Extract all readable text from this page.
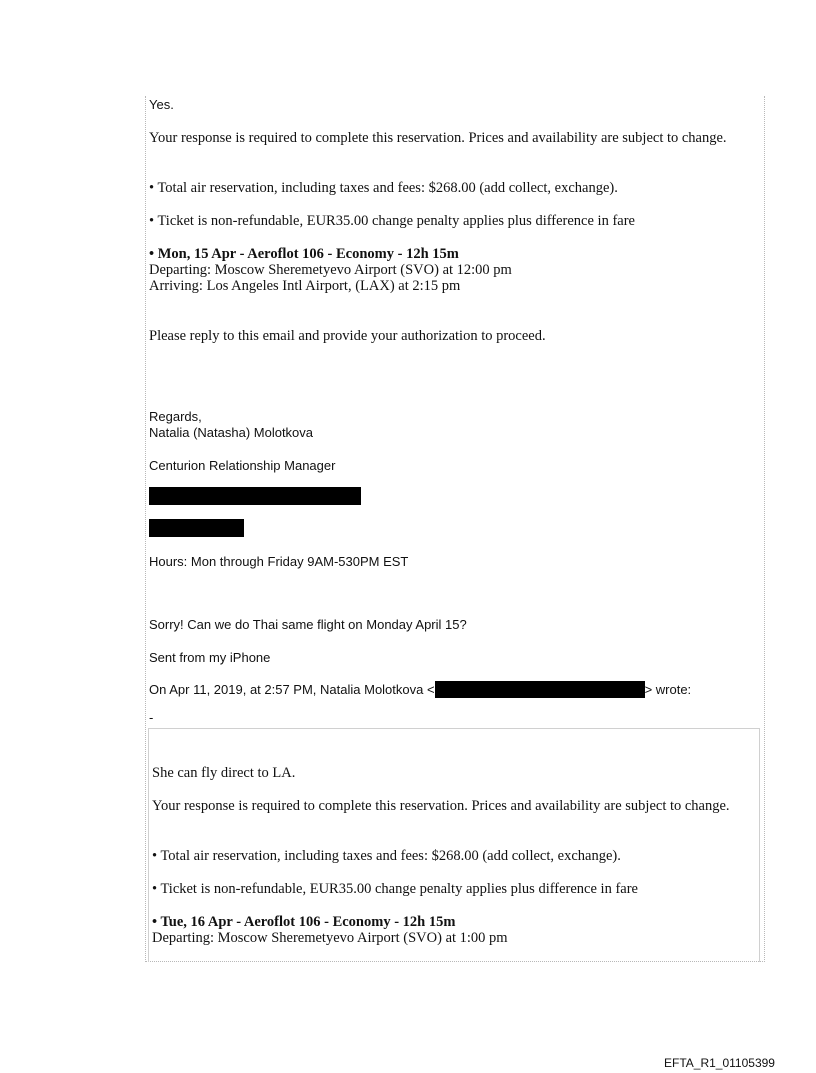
Yes.

Your response is required to complete this reservation. Prices and availability are subject to change.

• Total air reservation, including taxes and fees: $268.00 (add collect, exchange).

• Ticket is non-refundable, EUR35.00 change penalty applies plus difference in fare

• Mon, 15 Apr - Aeroflot 106 - Economy - 12h 15m

Departing: Moscow Sheremetyevo Airport (SVO) at 12:00 pm

Arriving: Los Angeles Intl Airport, (LAX) at 2:15 pm

Please reply to this email and provide your authorization to proceed.

Regards,

Natalia (Natasha) Molotkova

Centurion Relationship Manager

Hours: Mon through Friday 9AM-530PM EST

Sorry! Can we do Thai same flight on Monday April 15?

Sent from my iPhone

On Apr 11, 2019, at 2:57 PM, Natalia Molotkova <	> wrote:

-

She can fly direct to LA.

Your response is required to complete this reservation. Prices and availability are subject to change.

• Total air reservation, including taxes and fees: $268.00 (add collect, exchange).

• Ticket is non-refundable, EUR35.00 change penalty applies plus difference in fare

• Tue, 16 Apr - Aeroflot 106 - Economy - 12h 15m

Departing: Moscow Sheremetyevo Airport (SVO) at 1:00 pm

EFTA_R1_01105399
